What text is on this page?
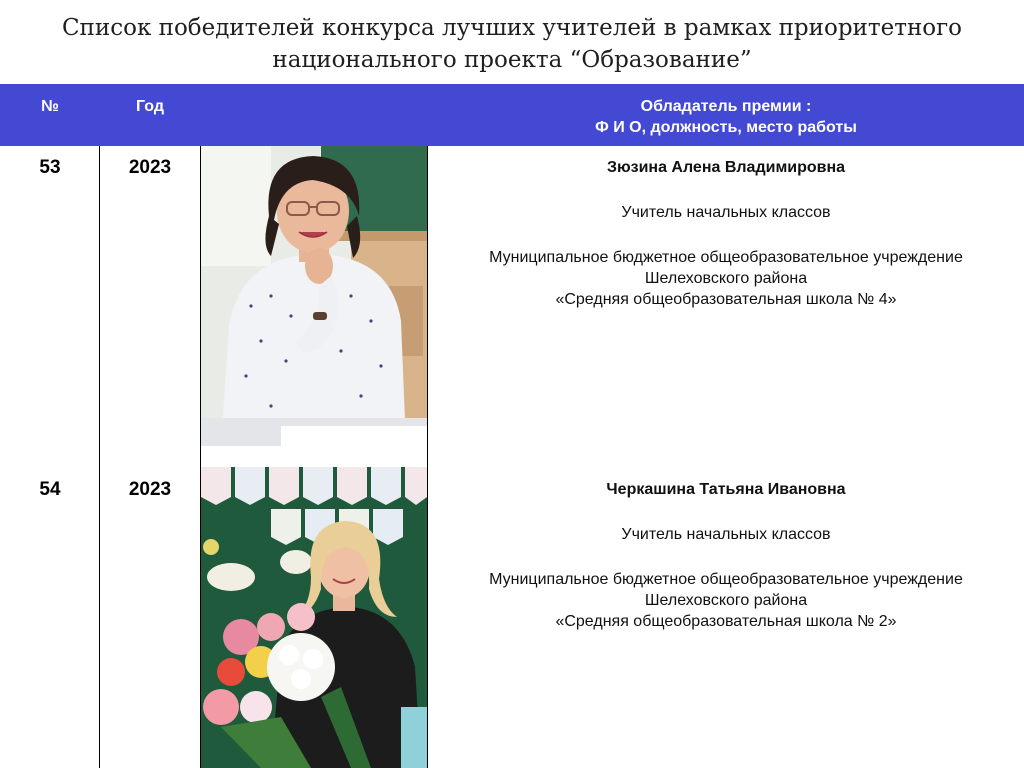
Список победителей конкурса лучших учителей в рамках приоритетного
национального проекта “Образование”
№	Год	Обладатель премии :
Ф И О, должность, место работы
53	2023	Зюзина Алена Владимировна
Учитель начальных классов
Муниципальное бюджетное общеобразовательное учреждение
Шелеховского района
«Средняя общеобразовательная школа № 4»
54	2023	Черкашина Татьяна Ивановна
Учитель начальных классов
Муниципальное бюджетное общеобразовательное учреждение
Шелеховского района
«Средняя общеобразовательная школа № 2»
